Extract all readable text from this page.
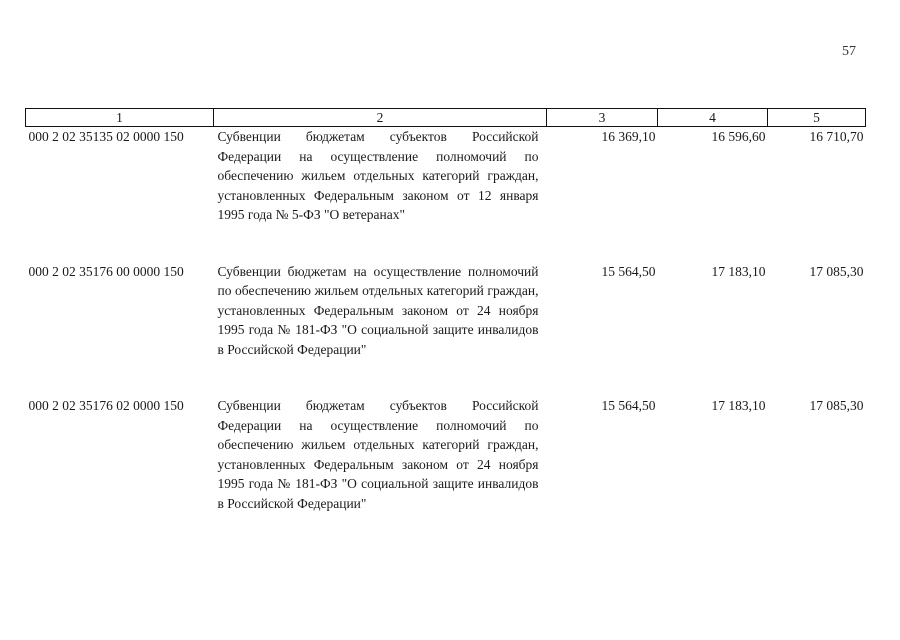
57
1	2	3	4	5
000 2 02 35135 02 0000 150	Субвенции бюджетам субъектов Российской Федерации на осуществление полномочий по обеспечению жильем отдельных категорий граждан, установленных Федеральным законом от 12 января 1995 года № 5-ФЗ "О ветеранах"	16 369,10	16 596,60	16 710,70
000 2 02 35176 00 0000 150	Субвенции бюджетам на осуществление полномочий по обеспечению жильем отдельных категорий граждан, установленных Федеральным законом от 24 ноября 1995 года № 181-ФЗ "О социальной защите инвалидов в Российской Федерации"	15 564,50	17 183,10	17 085,30
000 2 02 35176 02 0000 150	Субвенции бюджетам субъектов Российской Федерации на осуществление полномочий по обеспечению жильем отдельных категорий граждан, установленных Федеральным законом от 24 ноября 1995 года № 181-ФЗ "О социальной защите инвалидов в Российской Федерации"	15 564,50	17 183,10	17 085,30
